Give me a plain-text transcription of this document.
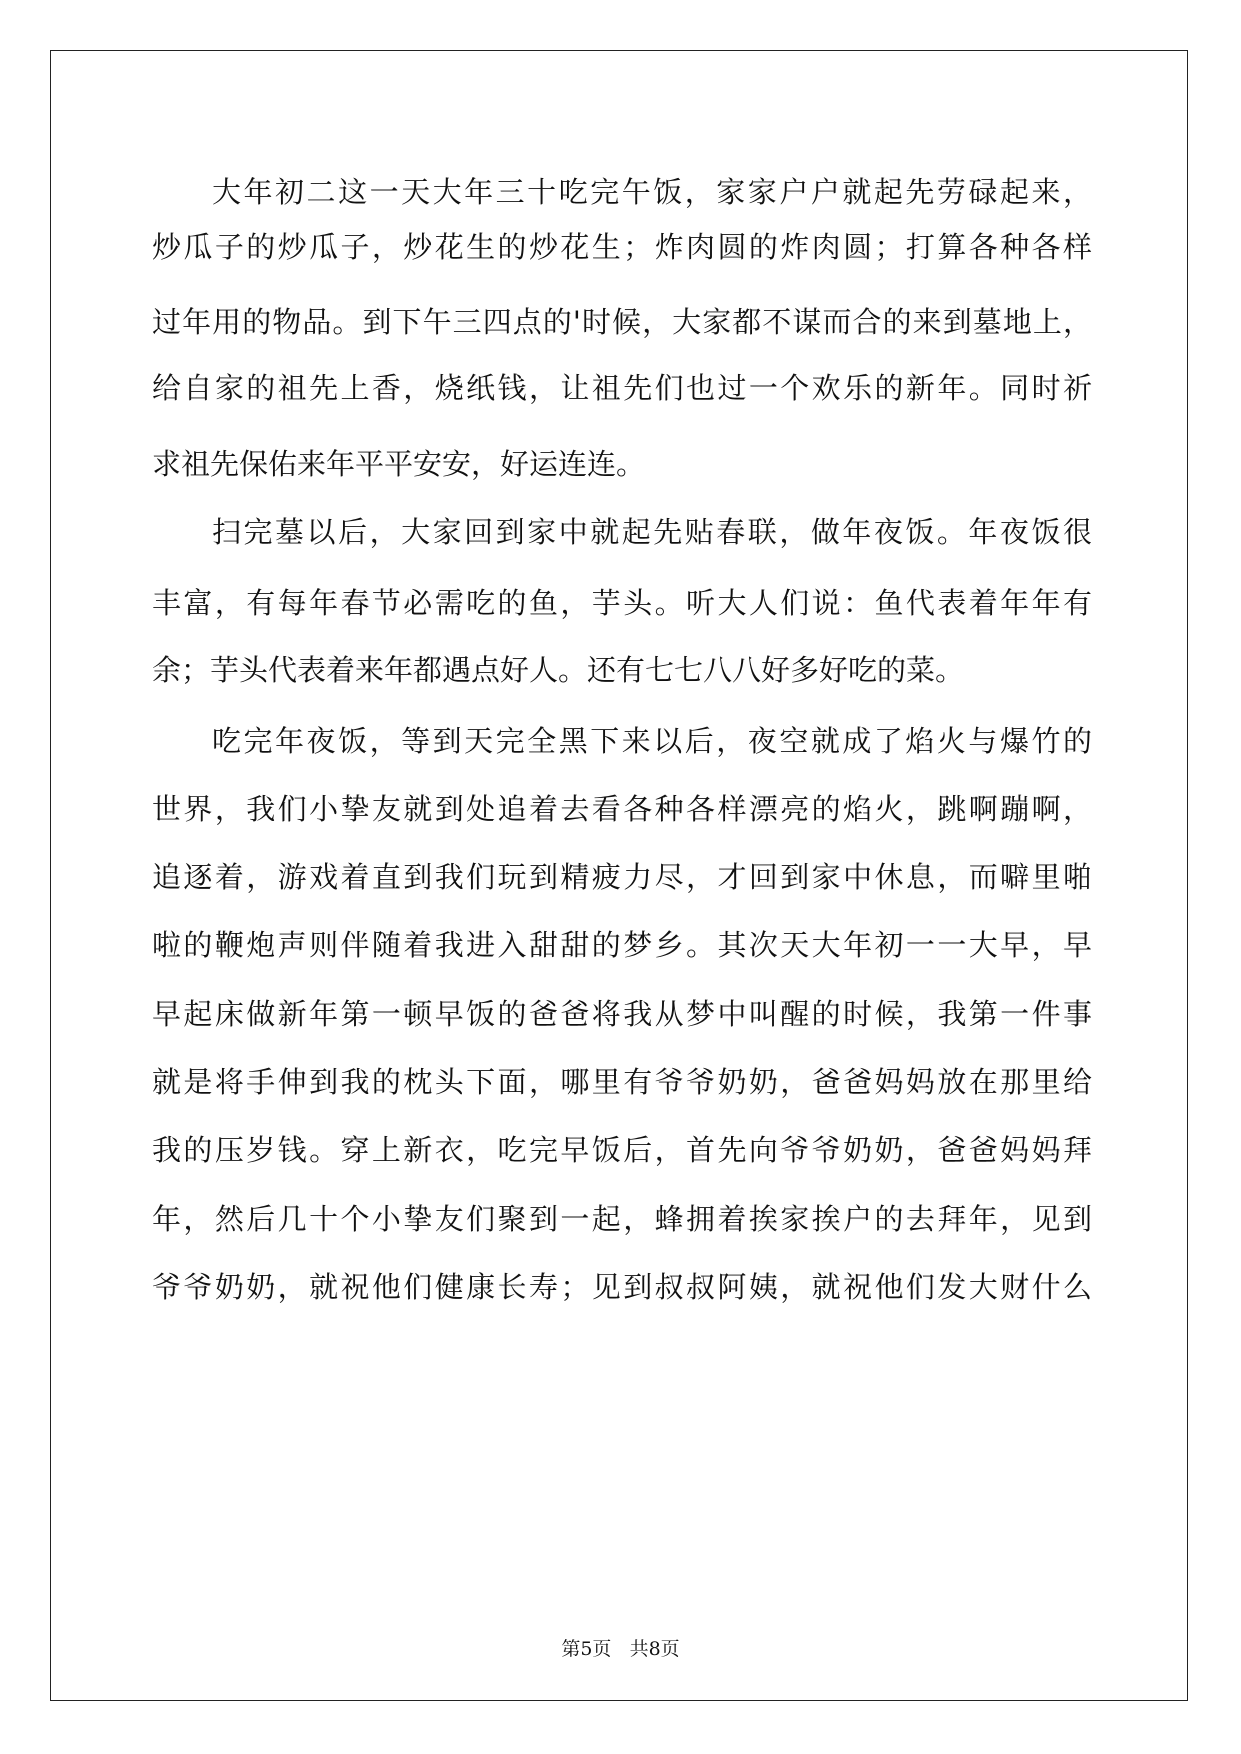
大年初二这一天大年三十吃完午饭，家家户户就起先劳碌起来，
炒瓜子的炒瓜子，炒花生的炒花生；炸肉圆的炸肉圆；打算各种各样
过年用的物品。到下午三四点的'时候，大家都不谋而合的来到墓地上，
给自家的祖先上香，烧纸钱，让祖先们也过一个欢乐的新年。同时祈
求祖先保佑来年平平安安，好运连连。
扫完墓以后，大家回到家中就起先贴春联，做年夜饭。年夜饭很
丰富，有每年春节必需吃的鱼，芋头。听大人们说：鱼代表着年年有
余；芋头代表着来年都遇点好人。还有七七八八好多好吃的菜。
吃完年夜饭，等到天完全黑下来以后，夜空就成了焰火与爆竹的
世界，我们小挚友就到处追着去看各种各样漂亮的焰火，跳啊蹦啊，
追逐着，游戏着直到我们玩到精疲力尽，才回到家中休息，而噼里啪
啦的鞭炮声则伴随着我进入甜甜的梦乡。其次天大年初一一大早，早
早起床做新年第一顿早饭的爸爸将我从梦中叫醒的时候，我第一件事
就是将手伸到我的枕头下面，哪里有爷爷奶奶，爸爸妈妈放在那里给
我的压岁钱。穿上新衣，吃完早饭后，首先向爷爷奶奶，爸爸妈妈拜
年，然后几十个小挚友们聚到一起，蜂拥着挨家挨户的去拜年，见到
爷爷奶奶，就祝他们健康长寿；见到叔叔阿姨，就祝他们发大财什么
第5页 共8页
